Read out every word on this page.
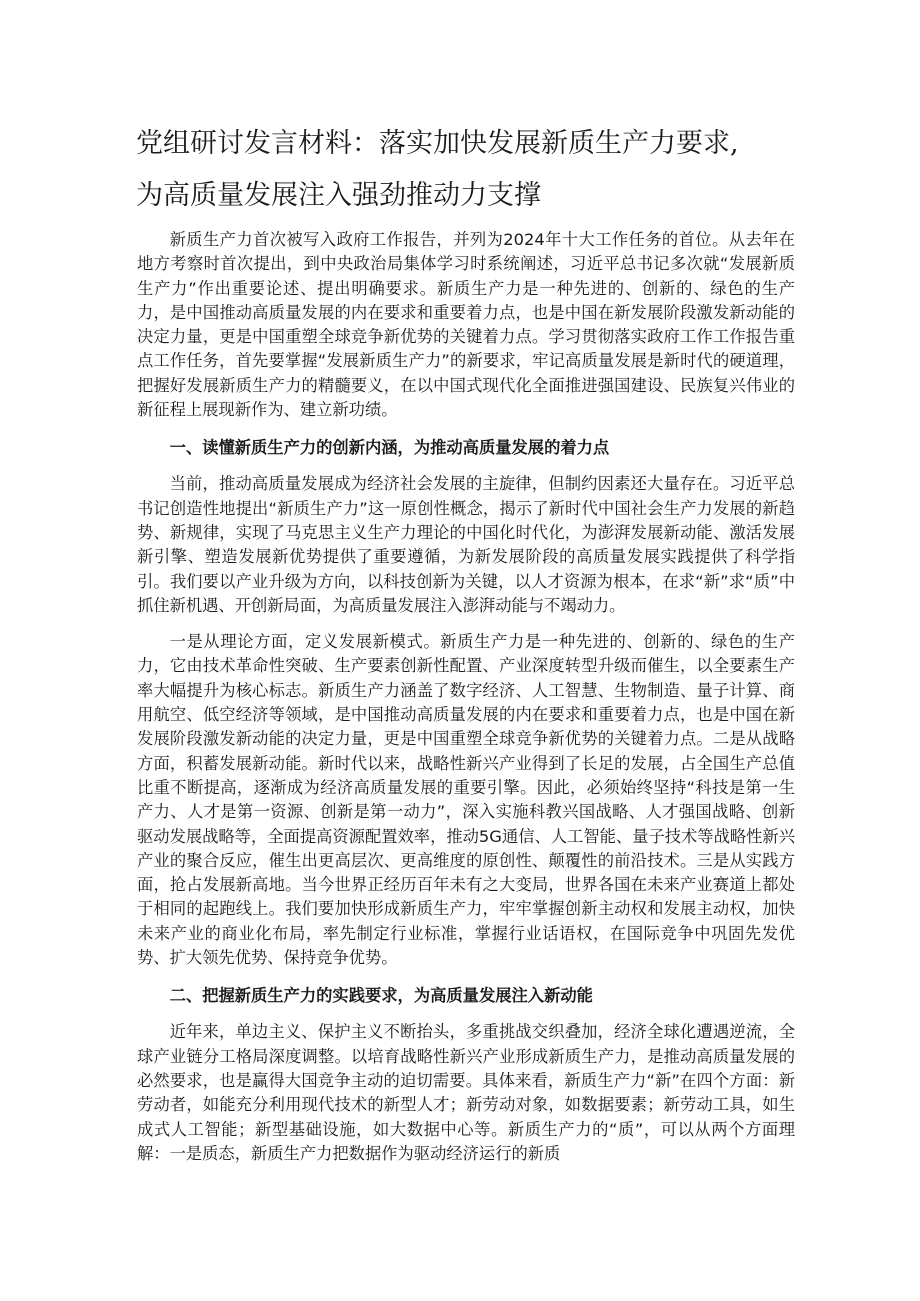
党组研讨发言材料：落实加快发展新质生产力要求,
为高质量发展注入强劲推动力支撑

新质生产力首次被写入政府工作报告，并列为2024年十大工作任务的首位。从去年在地方考察时首次提出，到中央政治局集体学习时系统阐述，习近平总书记多次就“发展新质生产力”作出重要论述、提出明确要求。新质生产力是一种先进的、创新的、绿色的生产力，是中国推动高质量发展的内在要求和重要着力点，也是中国在新发展阶段激发新动能的决定力量，更是中国重塑全球竞争新优势的关键着力点。学习贯彻落实政府工作工作报告重点工作任务，首先要掌握“发展新质生产力”的新要求，牢记高质量发展是新时代的硬道理，把握好发展新质生产力的精髓要义，在以中国式现代化全面推进强国建设、民族复兴伟业的新征程上展现新作为、建立新功绩。

一、读懂新质生产力的创新内涵，为推动高质量发展的着力点

当前，推动高质量发展成为经济社会发展的主旋律，但制约因素还大量存在。习近平总书记创造性地提出“新质生产力”这一原创性概念，揭示了新时代中国社会生产力发展的新趋势、新规律，实现了马克思主义生产力理论的中国化时代化，为澎湃发展新动能、激活发展新引擎、塑造发展新优势提供了重要遵循，为新发展阶段的高质量发展实践提供了科学指引。我们要以产业升级为方向，以科技创新为关键，以人才资源为根本，在求“新”求“质”中抓住新机遇、开创新局面，为高质量发展注入澎湃动能与不竭动力。

一是从理论方面，定义发展新模式。新质生产力是一种先进的、创新的、绿色的生产力，它由技术革命性突破、生产要素创新性配置、产业深度转型升级而催生，以全要素生产率大幅提升为核心标志。新质生产力涵盖了数字经济、人工智慧、生物制造、量子计算、商用航空、低空经济等领域，是中国推动高质量发展的内在要求和重要着力点，也是中国在新发展阶段激发新动能的决定力量，更是中国重塑全球竞争新优势的关键着力点。二是从战略方面，积蓄发展新动能。新时代以来，战略性新兴产业得到了长足的发展，占全国生产总值比重不断提高，逐渐成为经济高质量发展的重要引擎。因此，必须始终坚持“科技是第一生产力、人才是第一资源、创新是第一动力”，深入实施科教兴国战略、人才强国战略、创新驱动发展战略等，全面提高资源配置效率，推动5G通信、人工智能、量子技术等战略性新兴产业的聚合反应，催生出更高层次、更高维度的原创性、颠覆性的前沿技术。三是从实践方面，抢占发展新高地。当今世界正经历百年未有之大变局，世界各国在未来产业赛道上都处于相同的起跑线上。我们要加快形成新质生产力，牢牢掌握创新主动权和发展主动权，加快未来产业的商业化布局，率先制定行业标准，掌握行业话语权，在国际竞争中巩固先发优势、扩大领先优势、保持竞争优势。

二、把握新质生产力的实践要求，为高质量发展注入新动能

近年来，单边主义、保护主义不断抬头，多重挑战交织叠加，经济全球化遭遇逆流，全球产业链分工格局深度调整。以培育战略性新兴产业形成新质生产力，是推动高质量发展的必然要求，也是赢得大国竞争主动的迫切需要。具体来看，新质生产力“新”在四个方面：新劳动者，如能充分利用现代技术的新型人才；新劳动对象，如数据要素；新劳动工具，如生成式人工智能；新型基础设施，如大数据中心等。新质生产力的“质”，可以从两个方面理解：一是质态，新质生产力把数据作为驱动经济运行的新质
